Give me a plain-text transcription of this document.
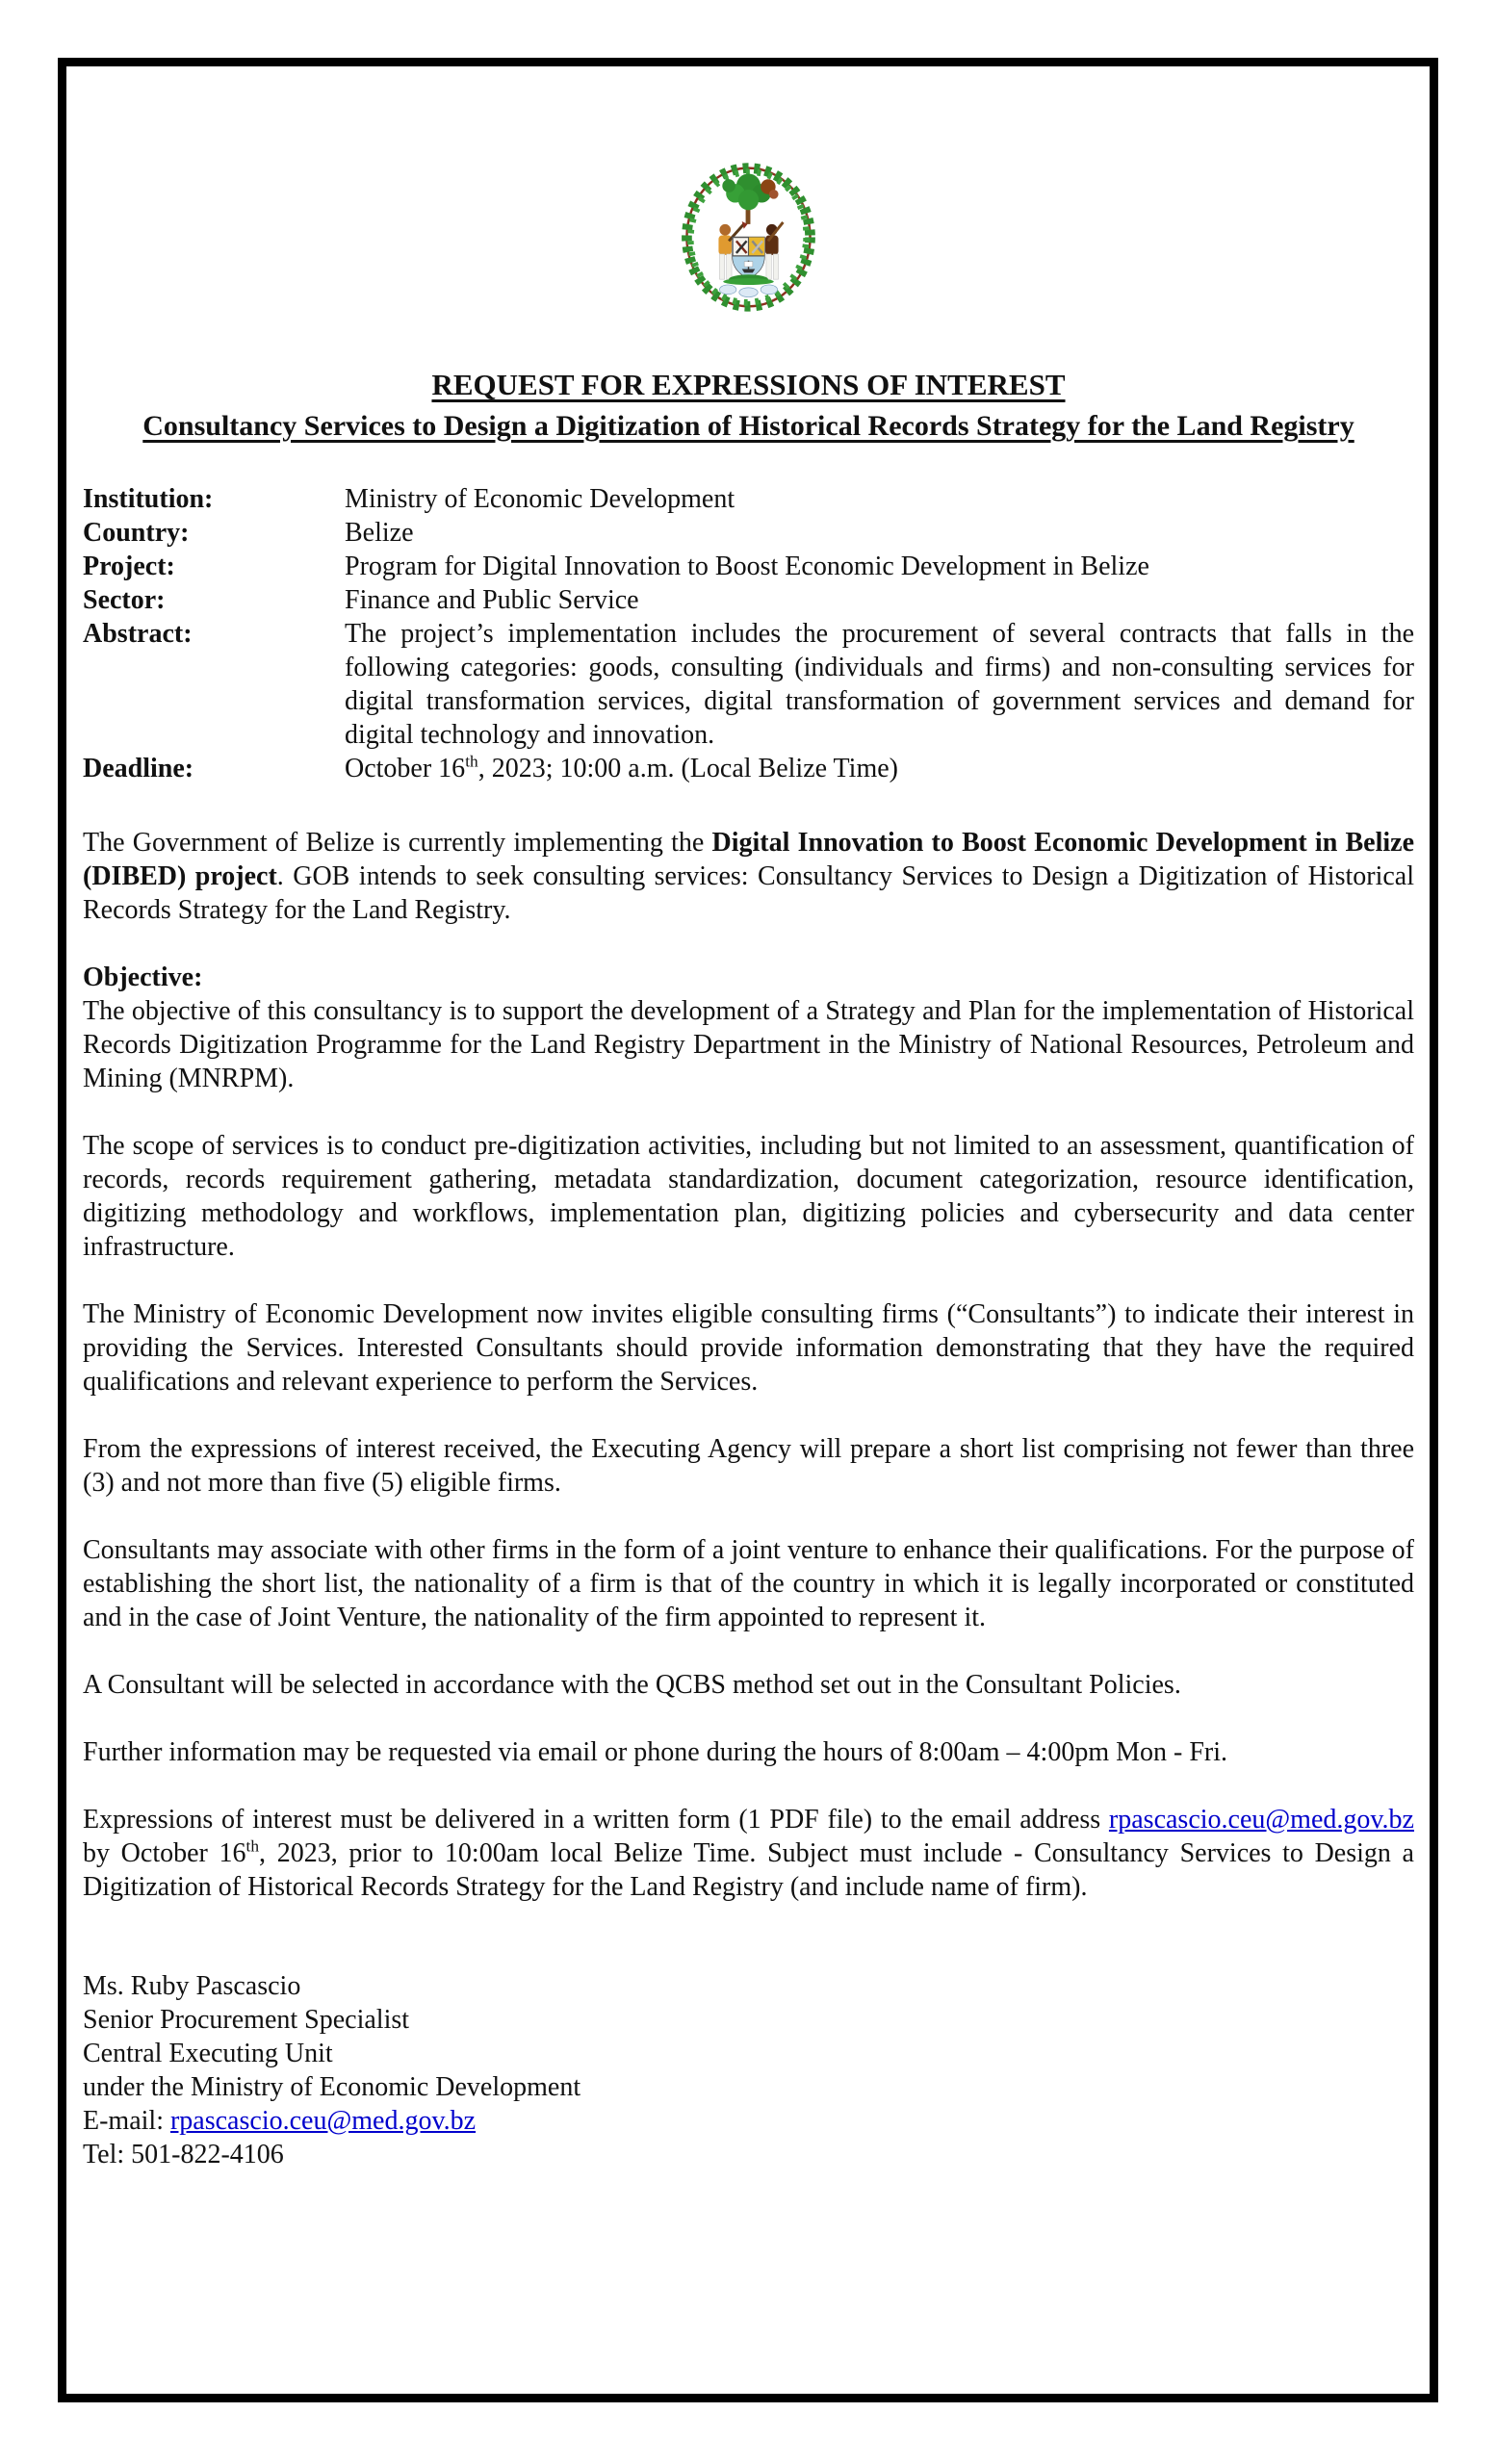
REQUEST FOR EXPRESSIONS OF INTEREST
Consultancy Services to Design a Digitization of Historical Records Strategy for the Land Registry
Institution:	Ministry of Economic Development
Country:	Belize
Project:	Program for Digital Innovation to Boost Economic Development in Belize
Sector:	Finance and Public Service
Abstract:	The project’s implementation includes the procurement of several contracts that falls in the following categories: goods, consulting (individuals and firms) and non-consulting services for digital transformation services, digital transformation of government services and demand for digital technology and innovation.
Deadline:	October 16th, 2023; 10:00 a.m. (Local Belize Time)
The Government of Belize is currently implementing the Digital Innovation to Boost Economic Development in Belize (DIBED) project. GOB intends to seek consulting services: Consultancy Services to Design a Digitization of Historical Records Strategy for the Land Registry.
Objective:
The objective of this consultancy is to support the development of a Strategy and Plan for the implementation of Historical Records Digitization Programme for the Land Registry Department in the Ministry of National Resources, Petroleum and Mining (MNRPM).
The scope of services is to conduct pre-digitization activities, including but not limited to an assessment, quantification of records, records requirement gathering, metadata standardization, document categorization, resource identification, digitizing methodology and workflows, implementation plan, digitizing policies and cybersecurity and data center infrastructure.
The Ministry of Economic Development now invites eligible consulting firms (“Consultants”) to indicate their interest in providing the Services. Interested Consultants should provide information demonstrating that they have the required qualifications and relevant experience to perform the Services.
From the expressions of interest received, the Executing Agency will prepare a short list comprising not fewer than three (3) and not more than five (5) eligible firms.
Consultants may associate with other firms in the form of a joint venture to enhance their qualifications. For the purpose of establishing the short list, the nationality of a firm is that of the country in which it is legally incorporated or constituted and in the case of Joint Venture, the nationality of the firm appointed to represent it.
A Consultant will be selected in accordance with the QCBS method set out in the Consultant Policies.
Further information may be requested via email or phone during the hours of 8:00am – 4:00pm Mon - Fri.
Expressions of interest must be delivered in a written form (1 PDF file) to the email address rpascascio.ceu@med.gov.bz by October 16th, 2023, prior to 10:00am local Belize Time. Subject must include - Consultancy Services to Design a Digitization of Historical Records Strategy for the Land Registry (and include name of firm).
Ms. Ruby Pascascio
Senior Procurement Specialist
Central Executing Unit
under the Ministry of Economic Development
E-mail: rpascascio.ceu@med.gov.bz
Tel: 501-822-4106
